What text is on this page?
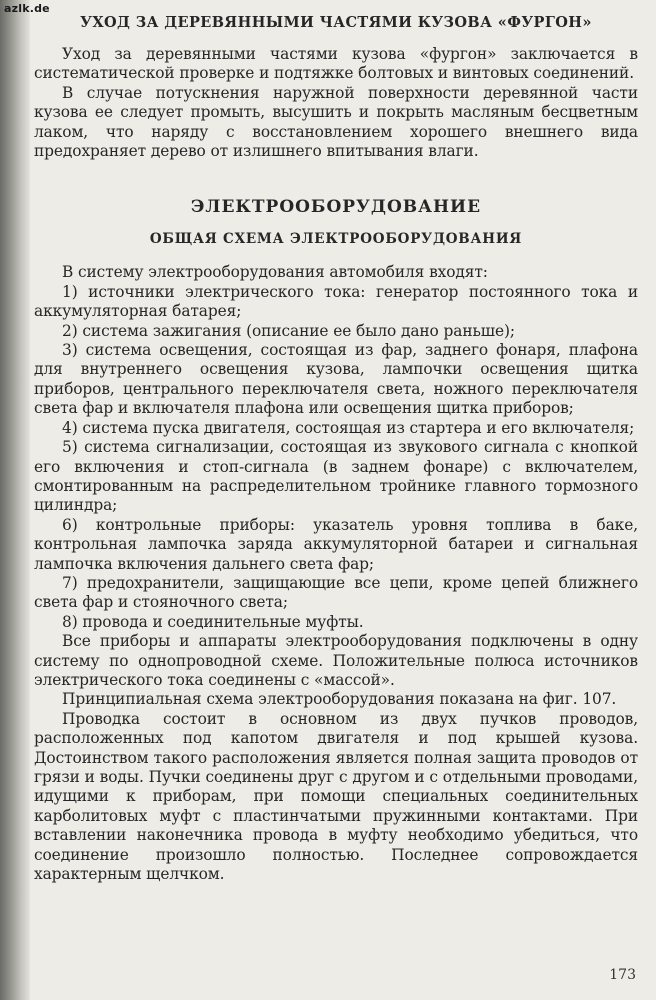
azlk.de
УХОД ЗА ДЕРЕВЯННЫМИ ЧАСТЯМИ КУЗОВА «ФУРГОН»

Уход за деревянными частями кузова «фургон» заключается в систематической проверке и подтяжке болтовых и винтовых соединений.

В случае потускнения наружной поверхности деревянной части кузова ее следует промыть, высушить и покрыть масляным бесцветным лаком, что наряду с восстановлением хорошего внешнего вида предохраняет дерево от излишнего впитывания влаги.

ЭЛЕКТРООБОРУДОВАНИЕ
ОБЩАЯ СХЕМА ЭЛЕКТРООБОРУДОВАНИЯ

В систему электрооборудования автомобиля входят:

1) источники электрического тока: генератор постоянного тока и аккумуляторная батарея;

2) система зажигания (описание ее было дано раньше);

3) система освещения, состоящая из фар, заднего фонаря, плафона для внутреннего освещения кузова, лампочки освещения щитка приборов, центрального переключателя света, ножного переключателя света фар и включателя плафона или освещения щитка приборов;

4) система пуска двигателя, состоящая из стартера и его включателя;

5) система сигнализации, состоящая из звукового сигнала с кнопкой его включения и стоп-сигнала (в заднем фонаре) с включателем, смонтированным на распределительном тройнике главного тормозного цилиндра;

6) контрольные приборы: указатель уровня топлива в баке, контрольная лампочка заряда аккумуляторной батареи и сигнальная лампочка включения дальнего света фар;

7) предохранители, защищающие все цепи, кроме цепей ближнего света фар и стояночного света;

8) провода и соединительные муфты.

Все приборы и аппараты электрооборудования подключены в одну систему по однопроводной схеме. Положительные полюса источников электрического тока соединены с «массой».

Принципиальная схема электрооборудования показана на фиг. 107.

Проводка состоит в основном из двух пучков проводов, расположенных под капотом двигателя и под крышей кузова. Достоинством такого расположения является полная защита проводов от грязи и воды. Пучки соединены друг с другом и с отдельными проводами, идущими к приборам, при помощи специальных соединительных карболитовых муфт с пластинчатыми пружинными контактами. При вставлении наконечника провода в муфту необходимо убедиться, что соединение произошло полностью. Последнее сопровождается характерным щелчком.

173
